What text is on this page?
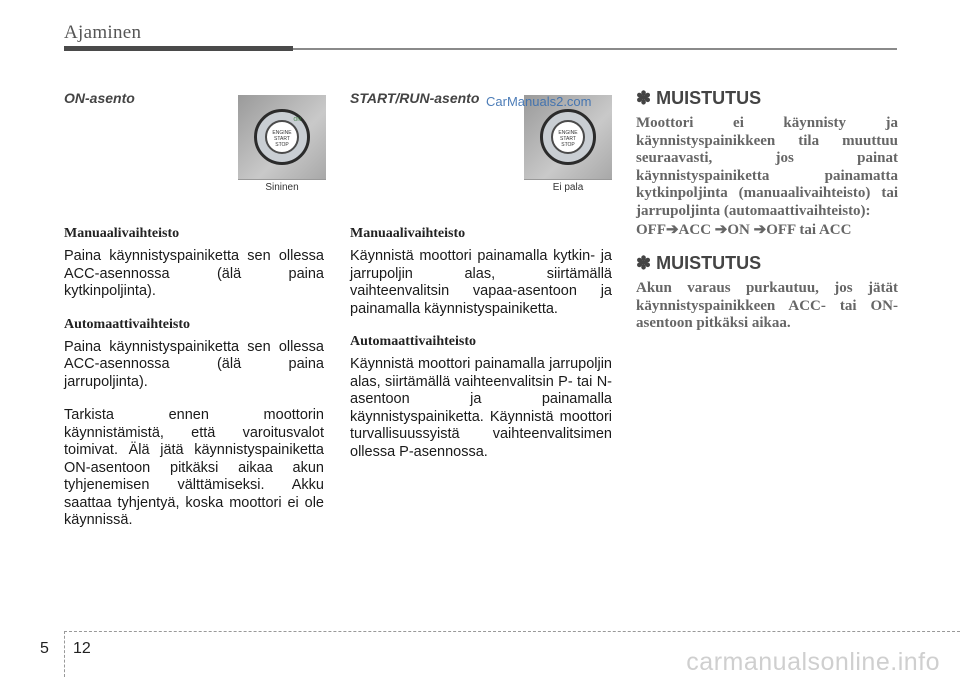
Ajaminen
ON-asento
Manuaalivaihteisto

Paina käynnistyspainiketta sen ollessa ACC-asennossa (älä paina kytkinpoljinta).

Automaattivaihteisto

Paina käynnistyspainiketta sen ollessa ACC-asennossa (älä paina jarrupoljinta).

Tarkista ennen moottorin käynnistämistä, että varoitusvalot toimivat. Älä jätä käynnistyspainiketta ON-asentoon pitkäksi aikaa akun tyhjenemisen välttämiseksi. Akku saattaa tyhjentyä, koska moottori ei ole käynnissä.

ENGINE
START
STOP
ON
Sininen
START/RUN-asento
Manuaalivaihteisto

Käynnistä moottori painamalla kytkin- ja jarrupoljin alas, siirtämällä vaihteenvalitsin vapaa-asentoon ja painamalla käynnistyspainiketta.

Automaattivaihteisto

Käynnistä moottori painamalla jarrupoljin alas, siirtämällä vaihteenvalitsin P- tai N-asentoon ja painamalla käynnistyspainiketta. Käynnistä moottori turvallisuussyistä vaihteenvalitsimen ollessa P-asennossa.

ENGINE
START
STOP
Ei pala
CarManuals2.com ✽ MUISTUTUS

Moottori ei käynnisty ja käynnistyspainikkeen tila muuttuu seuraavasti, jos painat käynnistyspainiketta painamatta kytkinpoljinta (manuaalivaihteisto) tai jarrupoljinta (automaattivaihteisto):

OFF➔ACC ➔ON ➔OFF tai ACC
✽ MUISTUTUS

Akun varaus purkautuu, jos jätät käynnistyspainikkeen ACC- tai ON-asentoon pitkäksi aikaa.

5 12	carmanualsonline.info
